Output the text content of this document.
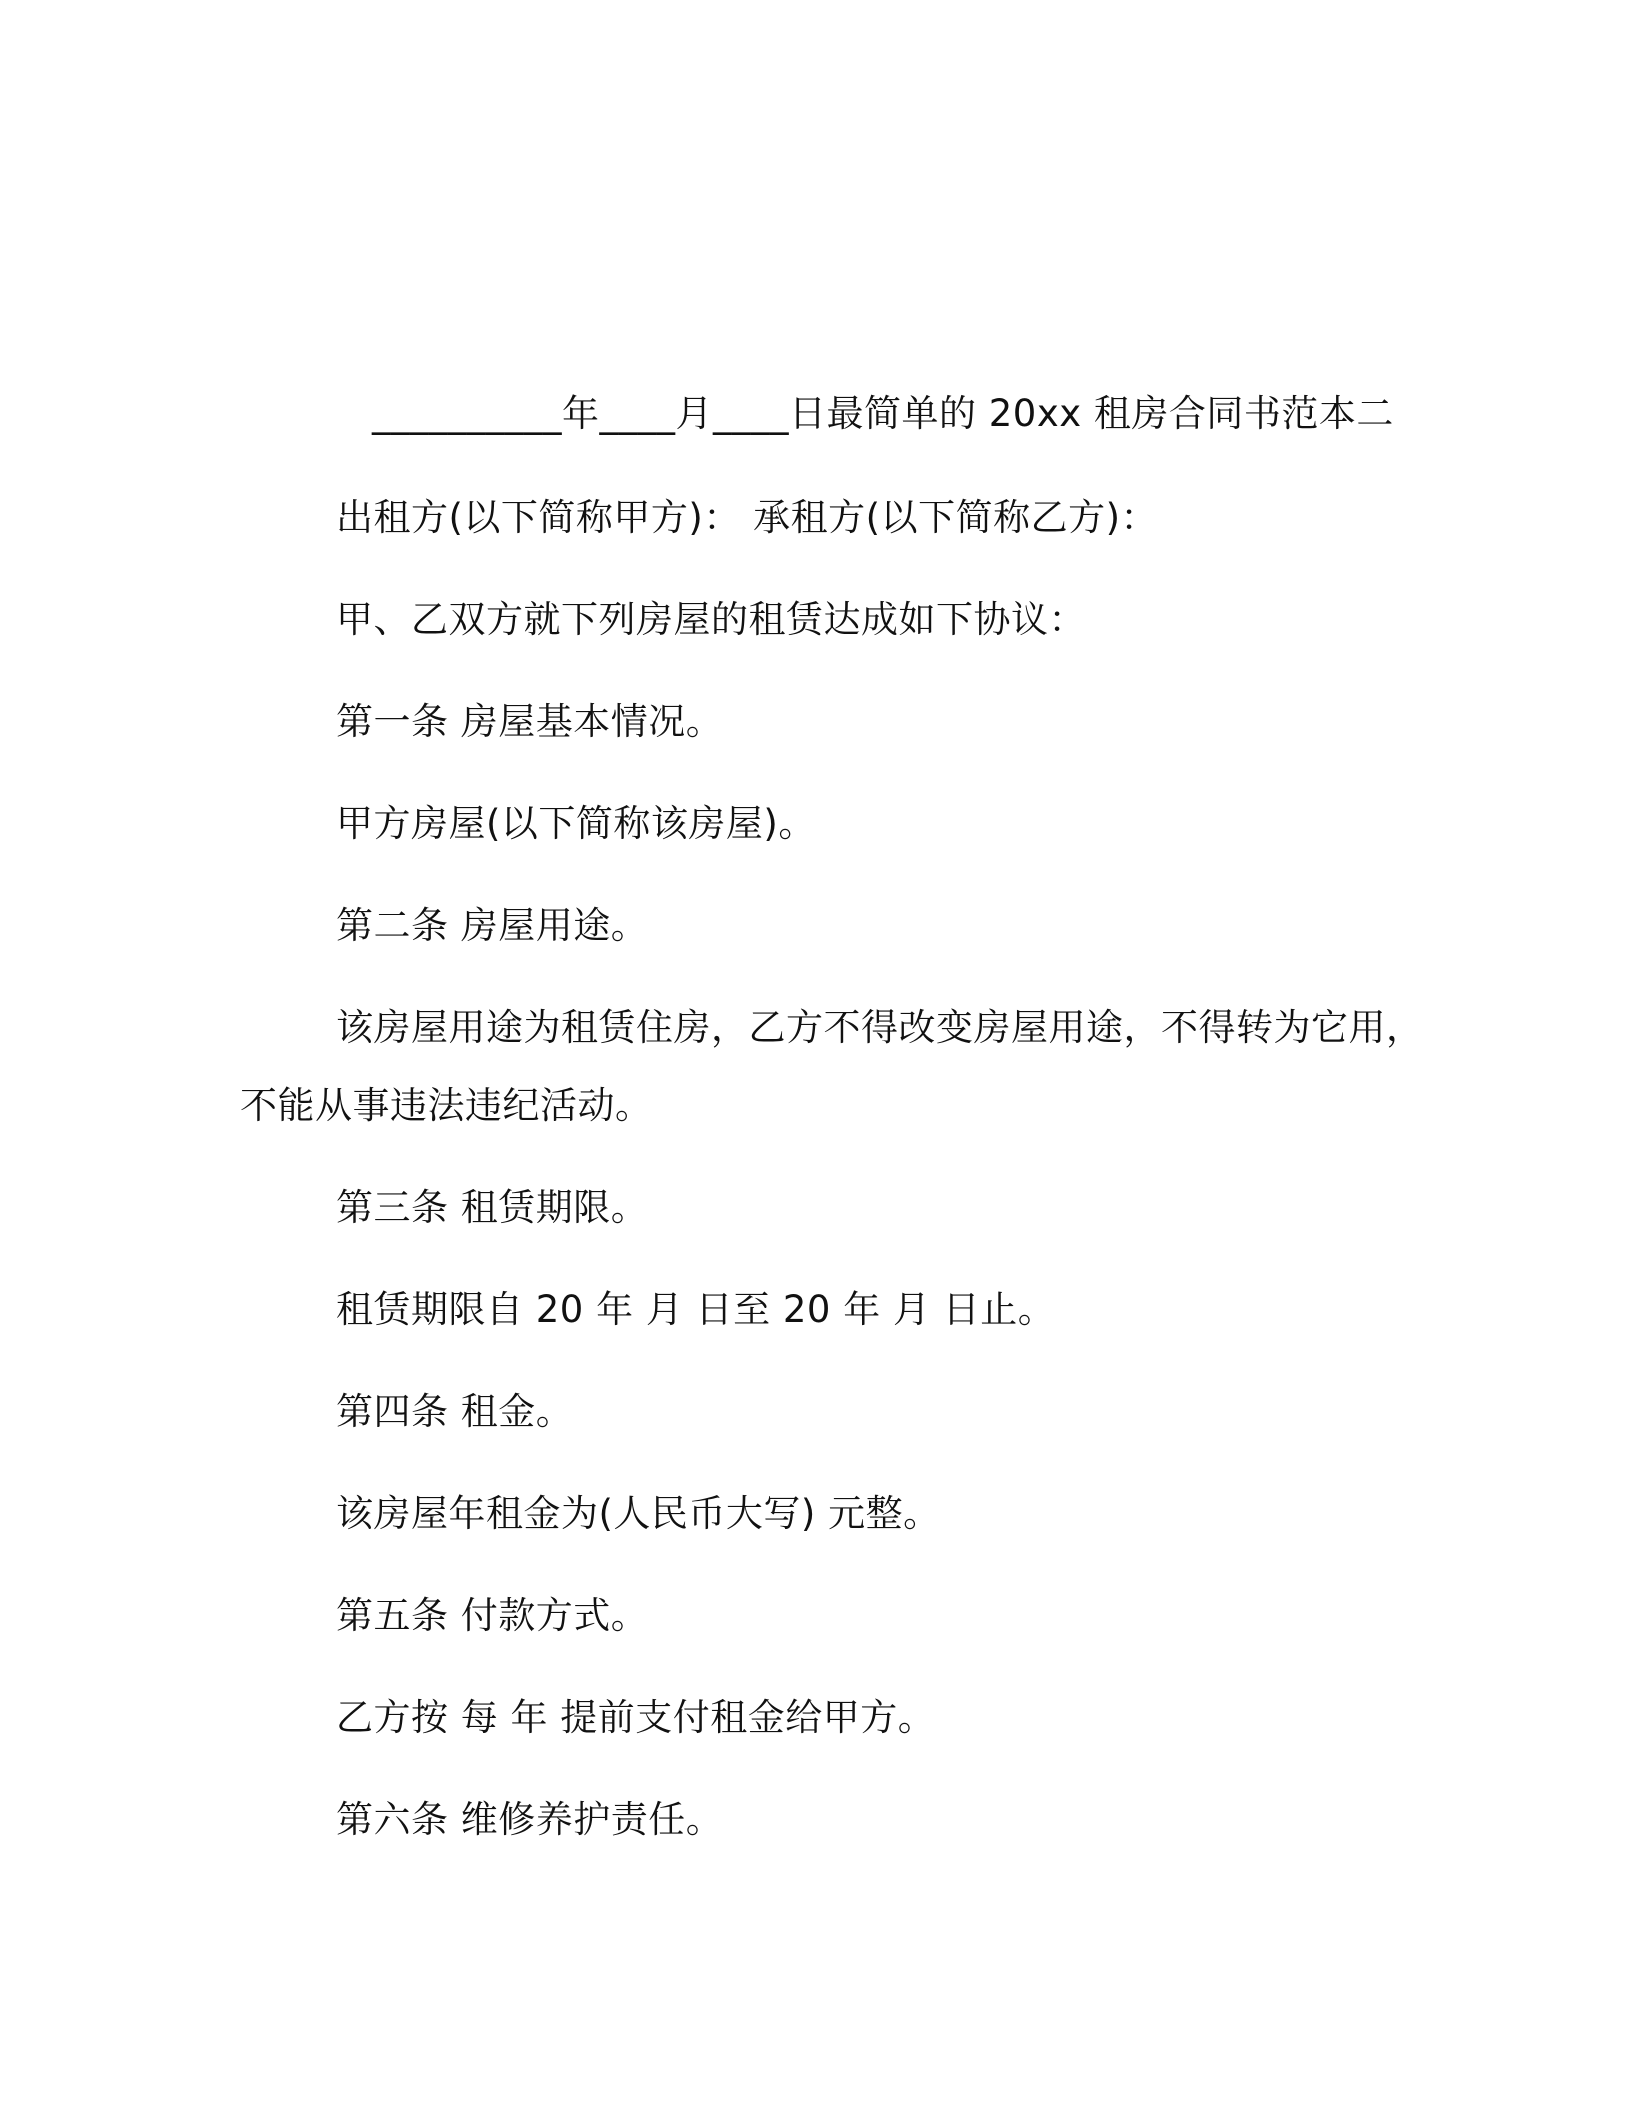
__________年____月____日最简单的 20xx 租房合同书范本二
出租方(以下简称甲方)： 承租方(以下简称乙方)：
甲、乙双方就下列房屋的租赁达成如下协议：
第一条 房屋基本情况。
甲方房屋(以下简称该房屋)。
第二条 房屋用途。
该房屋用途为租赁住房，乙方不得改变房屋用途，不得转为它用，
不能从事违法违纪活动。
第三条 租赁期限。
租赁期限自 20 年 月 日至 20 年 月 日止。
第四条 租金。
该房屋年租金为(人民币大写) 元整。
第五条 付款方式。
乙方按 每 年 提前支付租金给甲方。
第六条 维修养护责任。
